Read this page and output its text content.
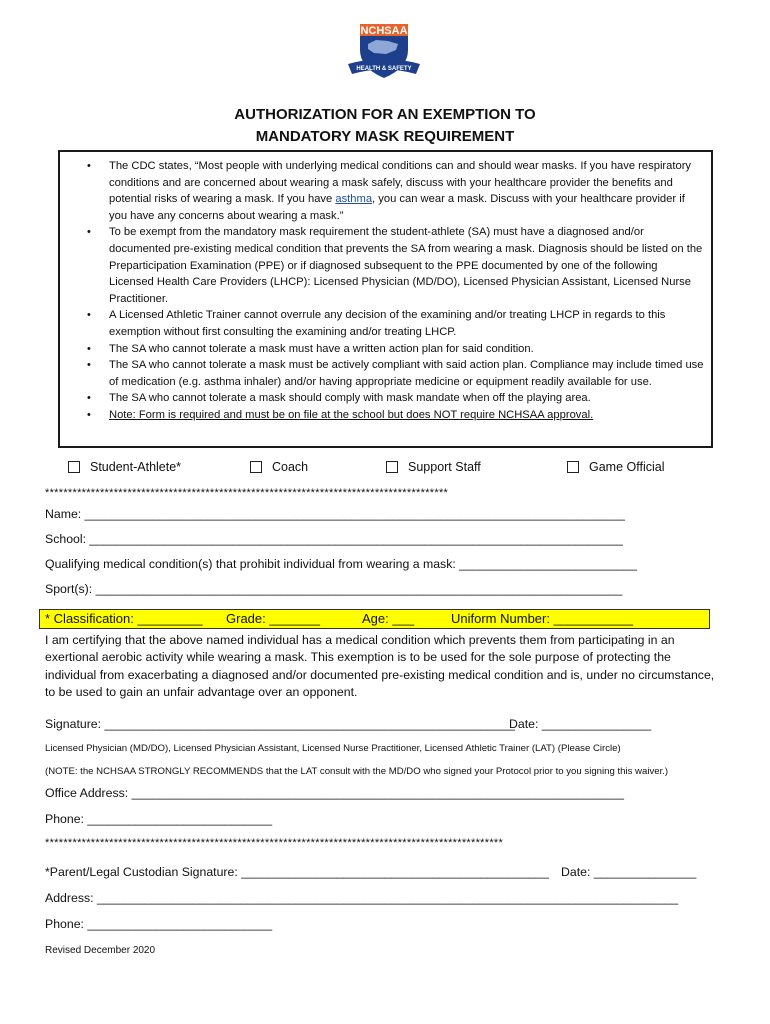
NCHSAA
HEALTH & SAFETY
AUTHORIZATION FOR AN EXEMPTION TO
MANDATORY MASK REQUIREMENT
• The CDC states, “Most people with underlying medical conditions can and should wear masks. If you have respiratory conditions and are concerned about wearing a mask safely, discuss with your healthcare provider the benefits and potential risks of wearing a mask. If you have asthma, you can wear a mask. Discuss with your healthcare provider if you have any concerns about wearing a mask.”
• To be exempt from the mandatory mask requirement the student-athlete (SA) must have a diagnosed and/or documented pre-existing medical condition that prevents the SA from wearing a mask. Diagnosis should be listed on the Preparticipation Examination (PPE) or if diagnosed subsequent to the PPE documented by one of the following Licensed Health Care Providers (LHCP): Licensed Physician (MD/DO), Licensed Physician Assistant, Licensed Nurse Practitioner.
• A Licensed Athletic Trainer cannot overrule any decision of the examining and/or treating LHCP in regards to this exemption without first consulting the examining and/or treating LHCP.
• The SA who cannot tolerate a mask must have a written action plan for said condition.
• The SA who cannot tolerate a mask must be actively compliant with said action plan. Compliance may include timed use of medication (e.g. asthma inhaler) and/or having appropriate medicine or equipment readily available for use.
• The SA who cannot tolerate a mask should comply with mask mandate when off the playing area.
• Note: Form is required and must be on file at the school but does NOT require NCHSAA approval.
Student-Athlete*	Coach	Support Staff	Game Official
****************************************************************************************
Name: _______________________________________________________________________________
School: ______________________________________________________________________________
Qualifying medical condition(s) that prohibit individual from wearing a mask: __________________________
Sport(s): _____________________________________________________________________________
* Classification: _________	Grade: _______	Age: ___	Uniform Number: ___________
I am certifying that the above named individual has a medical condition which prevents them from participating in an exertional aerobic activity while wearing a mask. This exemption is to be used for the sole purpose of protecting the individual from exacerbating a diagnosed and/or documented pre-existing medical condition and is, under no circumstance, to be used to gain an unfair advantage over an opponent.
Signature: ____________________________________________________________
Date: ________________
Licensed Physician (MD/DO), Licensed Physician Assistant, Licensed Nurse Practitioner, Licensed Athletic Trainer (LAT) (Please Circle)
(NOTE: the NCHSAA STRONGLY RECOMMENDS that the LAT consult with the MD/DO who signed your Protocol prior to you signing this waiver.)
Office Address: ________________________________________________________________________
Phone: ___________________________
****************************************************************************************************
*Parent/Legal Custodian Signature: _____________________________________________ Date: _______________
Address: _____________________________________________________________________________________
Phone: ___________________________
Revised December 2020
